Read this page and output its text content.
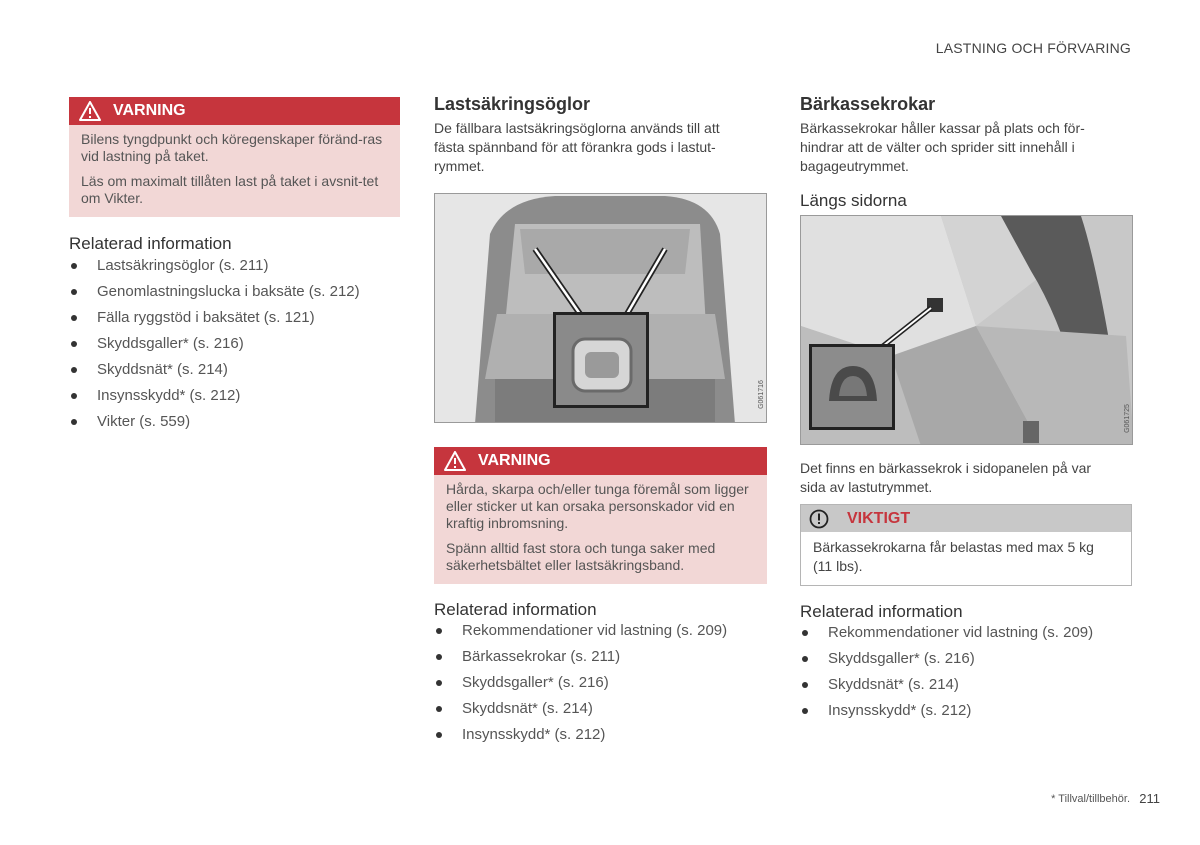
LASTNING OCH FÖRVARING
VARNING

Bilens tyngdpunkt och köregenskaper föränd-ras vid lastning på taket.

Läs om maximalt tillåten last på taket i avsnit-tet om Vikter.

Relaterad information
Lastsäkringsöglor (s. 211)
Genomlastningslucka i baksäte (s. 212)
Fälla ryggstöd i baksätet (s. 121)
Skyddsgaller* (s. 216)
Skyddsnät* (s. 214)
Insynsskydd* (s. 212)
Vikter (s. 559)
Lastsäkringsöglor
De fällbara lastsäkringsöglorna används till att
fästa spännband för att förankra gods i lastut-
rymmet.
G061716
VARNING

Hårda, skarpa och/eller tunga föremål som ligger eller sticker ut kan orsaka personskador vid en kraftig inbromsning.

Spänn alltid fast stora och tunga saker med säkerhetsbältet eller lastsäkringsband.

Relaterad information
Rekommendationer vid lastning (s. 209)
Bärkassekrokar (s. 211)
Skyddsgaller* (s. 216)
Skyddsnät* (s. 214)
Insynsskydd* (s. 212)
Bärkassekrokar
Bärkassekrokar håller kassar på plats och för-
hindrar att de välter och sprider sitt innehåll i
bagageutrymmet.
Längs sidorna
G061725
Det finns en bärkassekrok i sidopanelen på var
sida av lastutrymmet.
VIKTIGT
Bärkassekrokarna får belastas med max 5 kg
(11 lbs).
Relaterad information
Rekommendationer vid lastning (s. 209)
Skyddsgaller* (s. 216)
Skyddsnät* (s. 214)
Insynsskydd* (s. 212)
* Tillval/tillbehör. 211
